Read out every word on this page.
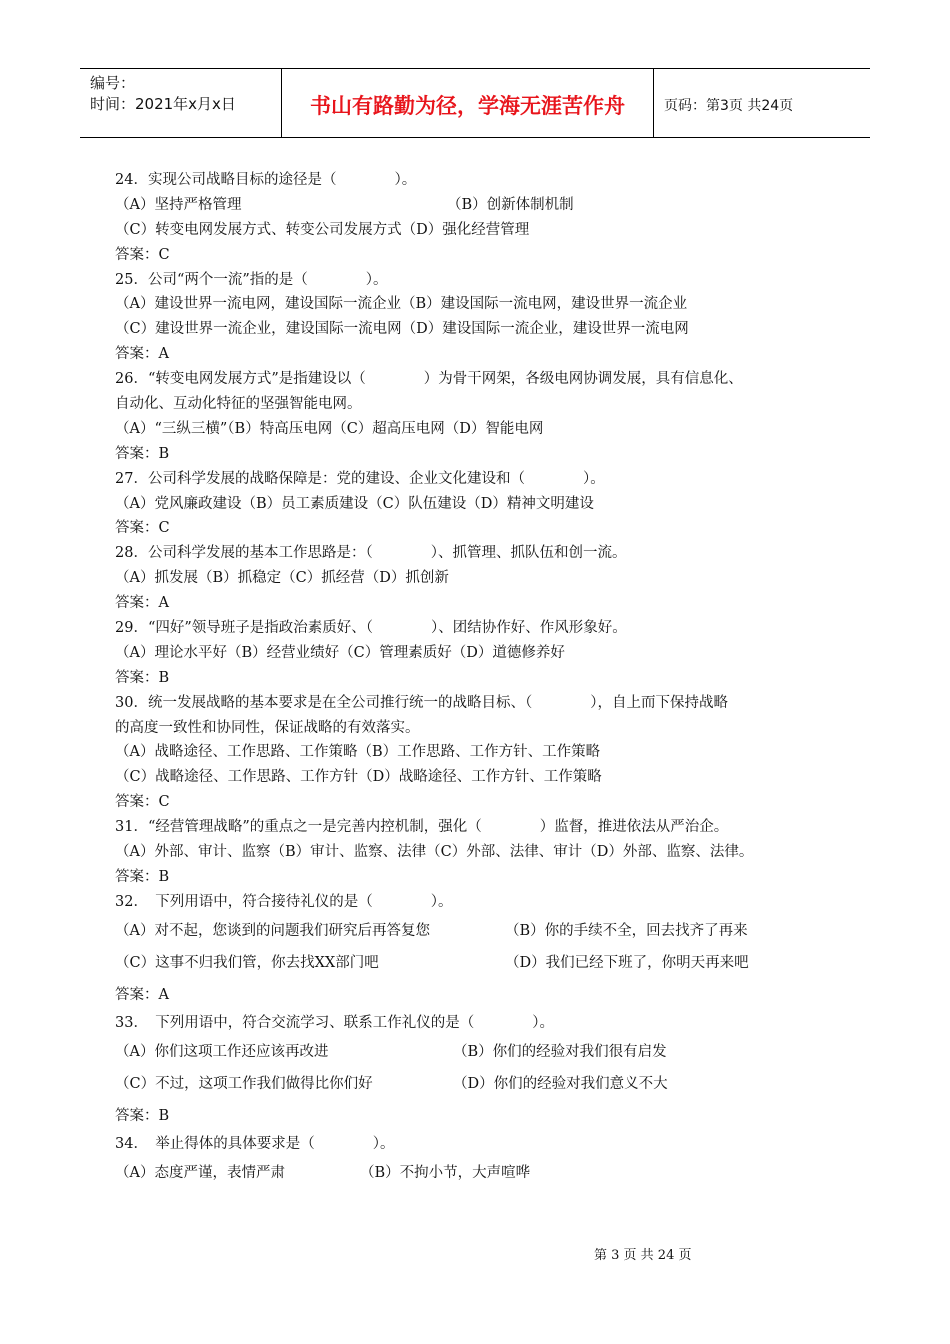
编号：
时间：2021年x月x日	书山有路勤为径，学海无涯苦作舟	页码：第3页 共24页
24．实现公司战略目标的途径是（　　　　）。
（A）坚持严格管理	（B）创新体制机制
（C）转变电网发展方式、转变公司发展方式（D）强化经营管理
答案：C
25．公司“两个一流”指的是（　　　　）。
（A）建设世界一流电网，建设国际一流企业（B）建设国际一流电网，建设世界一流企业
（C）建设世界一流企业，建设国际一流电网（D）建设国际一流企业，建设世界一流电网
答案：A
26．“转变电网发展方式”是指建设以（　　　　）为骨干网架，各级电网协调发展，具有信息化、
自动化、互动化特征的坚强智能电网。
（A）“三纵三横”（B）特高压电网（C）超高压电网（D）智能电网
答案：B
27．公司科学发展的战略保障是：党的建设、企业文化建设和（　　　　）。
（A）党风廉政建设（B）员工素质建设（C）队伍建设（D）精神文明建设
答案：C
28．公司科学发展的基本工作思路是：（　　　　）、抓管理、抓队伍和创一流。
（A）抓发展（B）抓稳定（C）抓经营（D）抓创新
答案：A
29．“四好”领导班子是指政治素质好、（　　　　）、团结协作好、作风形象好。
（A）理论水平好（B）经营业绩好（C）管理素质好（D）道德修养好
答案：B
30．统一发展战略的基本要求是在全公司推行统一的战略目标、（　　　　），自上而下保持战略
的高度一致性和协同性，保证战略的有效落实。
（A）战略途径、工作思路、工作策略（B）工作思路、工作方针、工作策略
（C）战略途径、工作思路、工作方针（D）战略途径、工作方针、工作策略
答案：C
31．“经营管理战略”的重点之一是完善内控机制，强化（　　　　）监督，推进依法从严治企。
（A）外部、审计、监察（B）审计、监察、法律（C）外部、法律、审计（D）外部、监察、法律。
答案：B
32．　下列用语中，符合接待礼仪的是（　　　　）。
（A）对不起，您谈到的问题我们研究后再答复您	（B）你的手续不全，回去找齐了再来
（C）这事不归我们管，你去找XX部门吧	（D）我们已经下班了，你明天再来吧
答案：A
33．　下列用语中，符合交流学习、联系工作礼仪的是（　　　　）。
（A）你们这项工作还应该再改进	（B）你们的经验对我们很有启发
（C）不过，这项工作我们做得比你们好	（D）你们的经验对我们意义不大
答案：B
34．　举止得体的具体要求是（　　　　）。
（A）态度严谨，表情严肃	（B）不拘小节，大声喧哗
第 3 页 共 24 页
